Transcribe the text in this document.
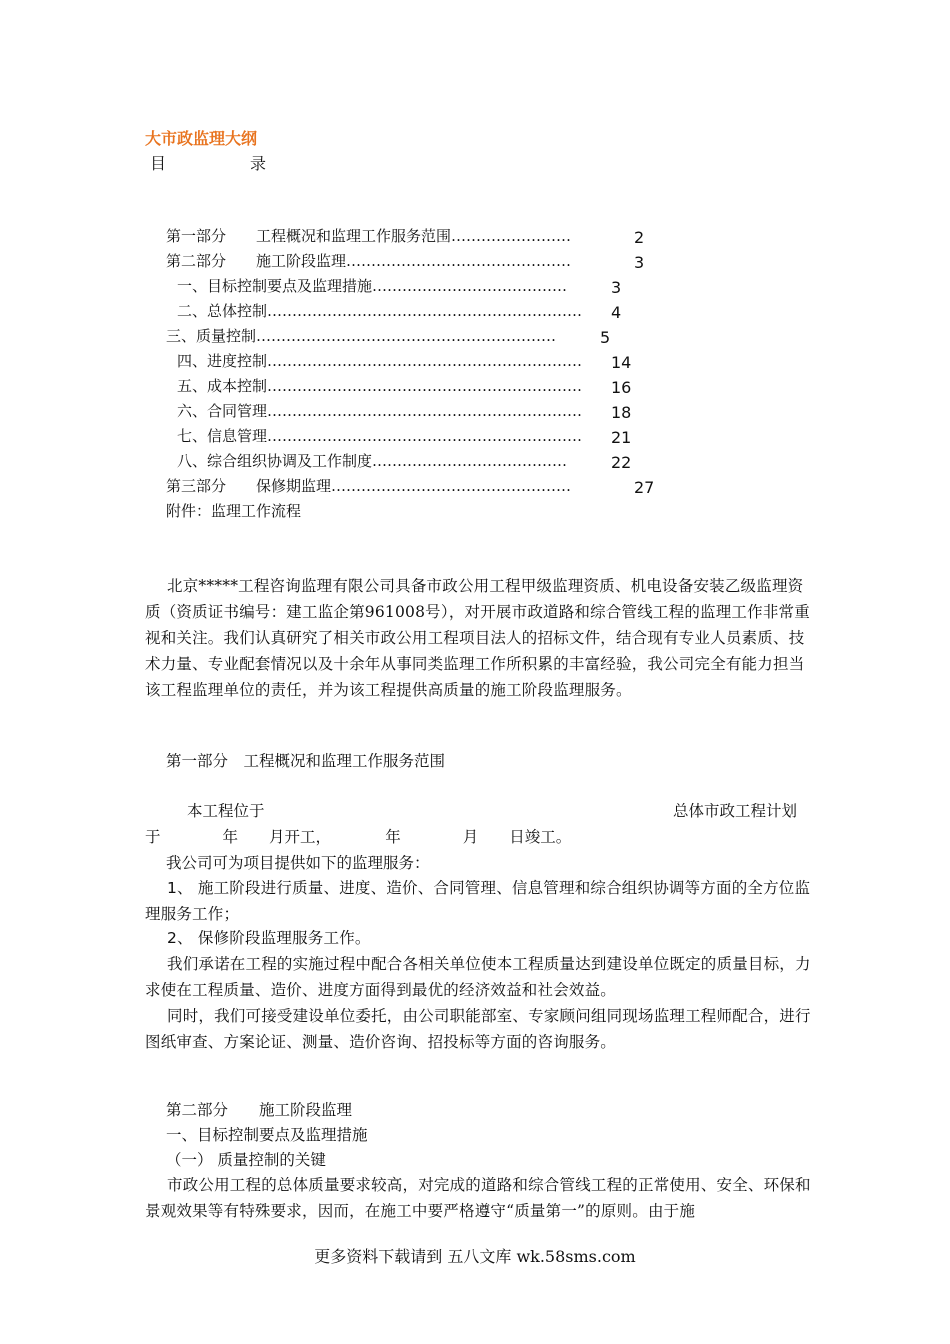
大市政监理大纲
目	录
第一部分　　工程概况和监理工作服务范围……………………	2
第二部分　　施工阶段监理………………………………………	3
一、目标控制要点及监理措施…………………………………	3
二、总体控制……………………………………………………… 4
三、质量控制……………………………………………………	5
四、进度控制……………………………………………………… 14
五、成本控制……………………………………………………… 16
六、合同管理……………………………………………………… 18
七、信息管理……………………………………………………… 21
八、综合组织协调及工作制度…………………………………	22
第三部分　　保修期监理…………………………………………	27
附件：监理工作流程

北京*****工程咨询监理有限公司具备市政公用工程甲级监理资质、机电设备安装乙级监理资质（资质证书编号：建工监企第961008号），对开展市政道路和综合管线工程的监理工作非常重视和关注。我们认真研究了相关市政公用工程项目法人的招标文件，结合现有专业人员素质、技术力量、专业配套情况以及十余年从事同类监理工作所积累的丰富经验，我公司完全有能力担当该工程监理单位的责任，并为该工程提供高质量的施工阶段监理服务。

第一部分　工程概况和监理工作服务范围
本工程位于	总体市政工程计划
于　　　　年　　月开工，　　　　年　　　　月　　日竣工。
我公司可为项目提供如下的监理服务：

1、 施工阶段进行质量、进度、造价、合同管理、信息管理和综合组织协调等方面的全方位监理服务工作；

2、 保修阶段监理服务工作。

我们承诺在工程的实施过程中配合各相关单位使本工程质量达到建设单位既定的质量目标，力求使在工程质量、造价、进度方面得到最优的经济效益和社会效益。

同时，我们可接受建设单位委托，由公司职能部室、专家顾问组同现场监理工程师配合，进行图纸审查、方案论证、测量、造价咨询、招投标等方面的咨询服务。

第二部分　　施工阶段监理
一、目标控制要点及监理措施
（一） 质量控制的关键

市政公用工程的总体质量要求较高，对完成的道路和综合管线工程的正常使用、安全、环保和景观效果等有特殊要求，因而，在施工中要严格遵守“质量第一”的原则。由于施

更多资料下载请到 五八文库 wk.58sms.com
